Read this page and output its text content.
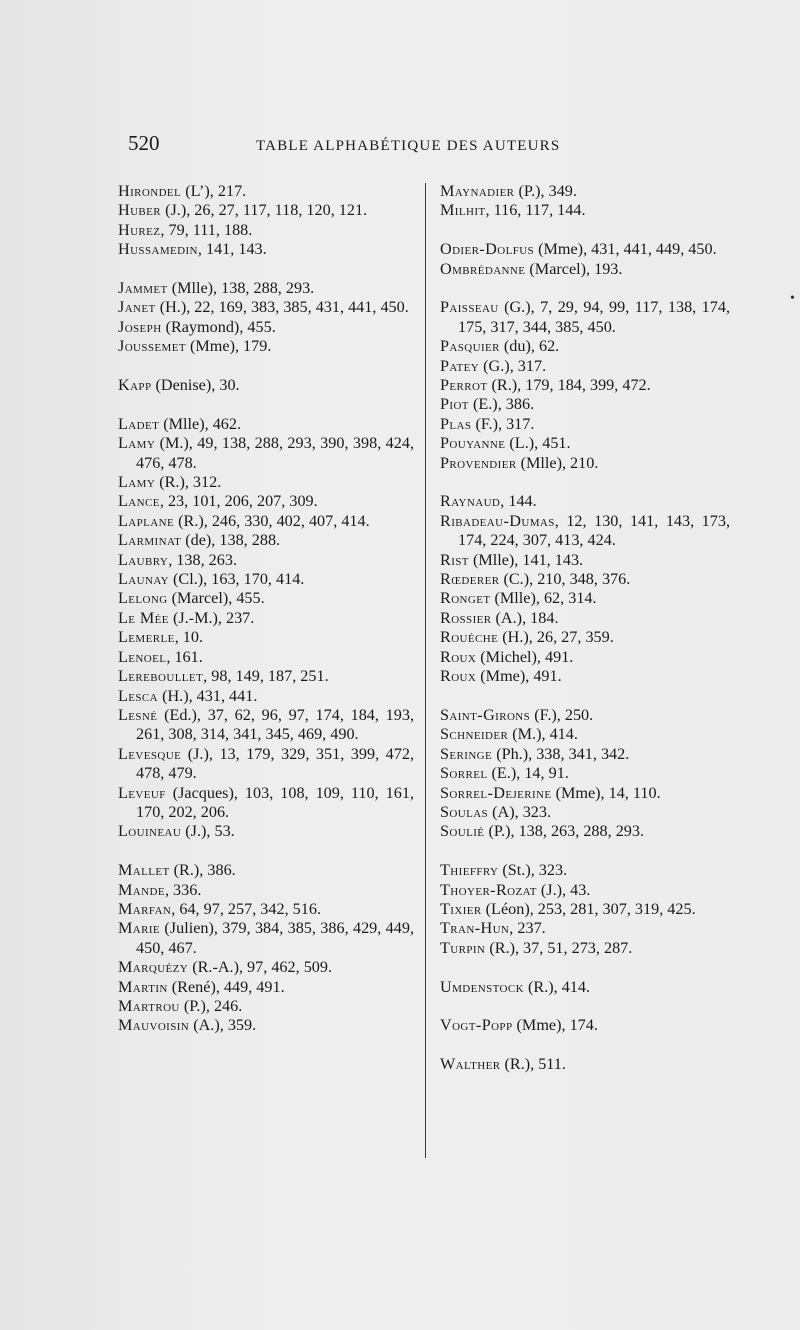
520	TABLE ALPHABÉTIQUE DES AUTEURS
Hirondel (L’), 217.
Huber (J.), 26, 27, 117, 118, 120, 121.
Hurez, 79, 111, 188.
Hussamedin, 141, 143.
Jammet (Mlle), 138, 288, 293.
Janet (H.), 22, 169, 383, 385, 431, 441, 450.
Joseph (Raymond), 455.
Joussemet (Mme), 179.
Kapp (Denise), 30.
Ladet (Mlle), 462.
Lamy (M.), 49, 138, 288, 293, 390, 398, 424, 476, 478.
Lamy (R.), 312.
Lance, 23, 101, 206, 207, 309.
Laplane (R.), 246, 330, 402, 407, 414.
Larminat (de), 138, 288.
Laubry, 138, 263.
Launay (Cl.), 163, 170, 414.
Lelong (Marcel), 455.
Le Mée (J.-M.), 237.
Lemerle, 10.
Lenoel, 161.
Lereboullet, 98, 149, 187, 251.
Lesca (H.), 431, 441.
Lesné (Ed.), 37, 62, 96, 97, 174, 184, 193, 261, 308, 314, 341, 345, 469, 490.
Levesque (J.), 13, 179, 329, 351, 399, 472, 478, 479.
Leveuf (Jacques), 103, 108, 109, 110, 161, 170, 202, 206.
Louineau (J.), 53.
Mallet (R.), 386.
Mande, 336.
Marfan, 64, 97, 257, 342, 516.
Marie (Julien), 379, 384, 385, 386, 429, 449, 450, 467.
Marquézy (R.-A.), 97, 462, 509.
Martin (René), 449, 491.
Martrou (P.), 246.
Mauvoisin (A.), 359.
Maynadier (P.), 349.
Milhit, 116, 117, 144.
Odier-Dolfus (Mme), 431, 441, 449, 450.
Ombrédanne (Marcel), 193.
Paisseau (G.), 7, 29, 94, 99, 117, 138, 174, 175, 317, 344, 385, 450.
Pasquier (du), 62.
Patey (G.), 317.
Perrot (R.), 179, 184, 399, 472.
Piot (E.), 386.
Plas (F.), 317.
Pouyanne (L.), 451.
Provendier (Mlle), 210.
Raynaud, 144.
Ribadeau-Dumas, 12, 130, 141, 143, 173, 174, 224, 307, 413, 424.
Rist (Mlle), 141, 143.
Rœderer (C.), 210, 348, 376.
Ronget (Mlle), 62, 314.
Rossier (A.), 184.
Rouéche (H.), 26, 27, 359.
Roux (Michel), 491.
Roux (Mme), 491.
Saint-Girons (F.), 250.
Schneider (M.), 414.
Seringe (Ph.), 338, 341, 342.
Sorrel (E.), 14, 91.
Sorrel-Dejerine (Mme), 14, 110.
Soulas (A), 323.
Soulié (P.), 138, 263, 288, 293.
Thieffry (St.), 323.
Thoyer-Rozat (J.), 43.
Tixier (Léon), 253, 281, 307, 319, 425.
Tran-Hun, 237.
Turpin (R.), 37, 51, 273, 287.
Umdenstock (R.), 414.
Vogt-Popp (Mme), 174.
Walther (R.), 511.
•
